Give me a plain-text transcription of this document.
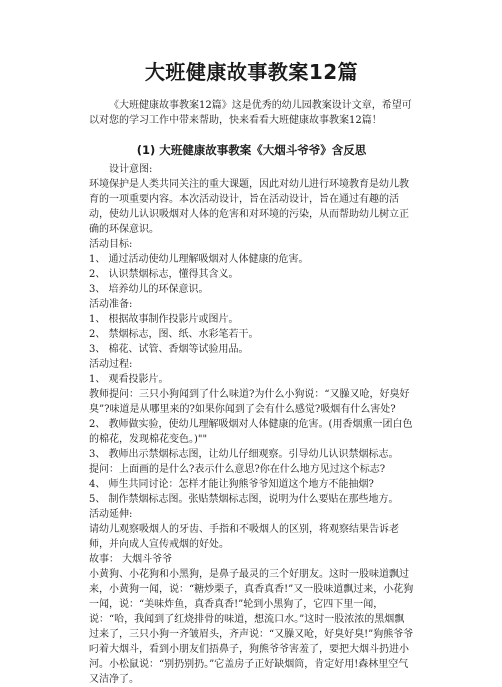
大班健康故事教案12篇

《大班健康故事教案12篇》这是优秀的幼儿园教案设计文章，希望可以对您的学习工作中带来帮助，快来看看大班健康故事教案12篇！

(1) 大班健康故事教案《大烟斗爷爷》含反思

设计意图:

环境保护是人类共同关注的重大课题，因此对幼儿进行环境教育是幼儿教育的一项重要内容。本次活动设计，旨在活动设计，旨在通过有趣的活动，使幼儿认识吸烟对人体的危害和对环境的污染，从而帮助幼儿树立正确的环保意识。

活动目标:

1、 通过活动使幼儿理解吸烟对人体健康的危害。

2、 认识禁烟标志，懂得其含义。

3、 培养幼儿的环保意识。

活动准备:

1、 根据故事制作投影片或图片。

2、 禁烟标志，图、纸、水彩笔若干。

3、 棉花、试管、香烟等试验用品。

活动过程:

1、 观看投影片。

教师提问：三只小狗闻到了什么味道?为什么小狗说：“又臊又呛，好臭好臭”?味道是从哪里来的?如果你闻到了会有什么感觉?吸烟有什么害处?

2、 教师做实验，使幼儿理解吸烟对人体健康的危害。(用香烟熏一团白色的棉花，发现棉花变色。)""

3、 教师出示禁烟标志图，让幼儿仔细观察。引导幼儿认识禁烟标志。

提问：上面画的是什么?表示什么意思?你在什么地方见过这个标志?

4、 师生共同讨论：怎样才能让狗熊爷爷知道这个地方不能抽烟?

5、 制作禁烟标志图。张贴禁烟标志图，说明为什么要贴在那些地方。

活动延伸:

请幼儿观察吸烟人的牙齿、手指和不吸烟人的区别，将观察结果告诉老师，并向成人宣传戒烟的好处。

故事： 大烟斗爷爷

小黄狗、小花狗和小黑狗，是鼻子最灵的三个好朋友。这时一股味道飘过来，小黄狗一闻，说：“糖炒栗子，真香真香!”又一股味道飘过来，小花狗一闻，说：“美味炸鱼，真香真香!”轮到小黑狗了，它四下里一闻，说：“哈，我闻到了红烧排骨的味道，想流口水。”这时一股浓浓的黑烟飘过来了，三只小狗一齐皱眉头，齐声说：“又臊又呛，好臭好臭!”狗熊爷爷叼着大烟斗，看到小朋友们捂鼻子，狗熊爷爷害羞了，要把大烟斗扔进小河。小松鼠说：“别扔别扔。”它盖房子正好缺烟筒，肯定好用!森林里空气又洁净了。
